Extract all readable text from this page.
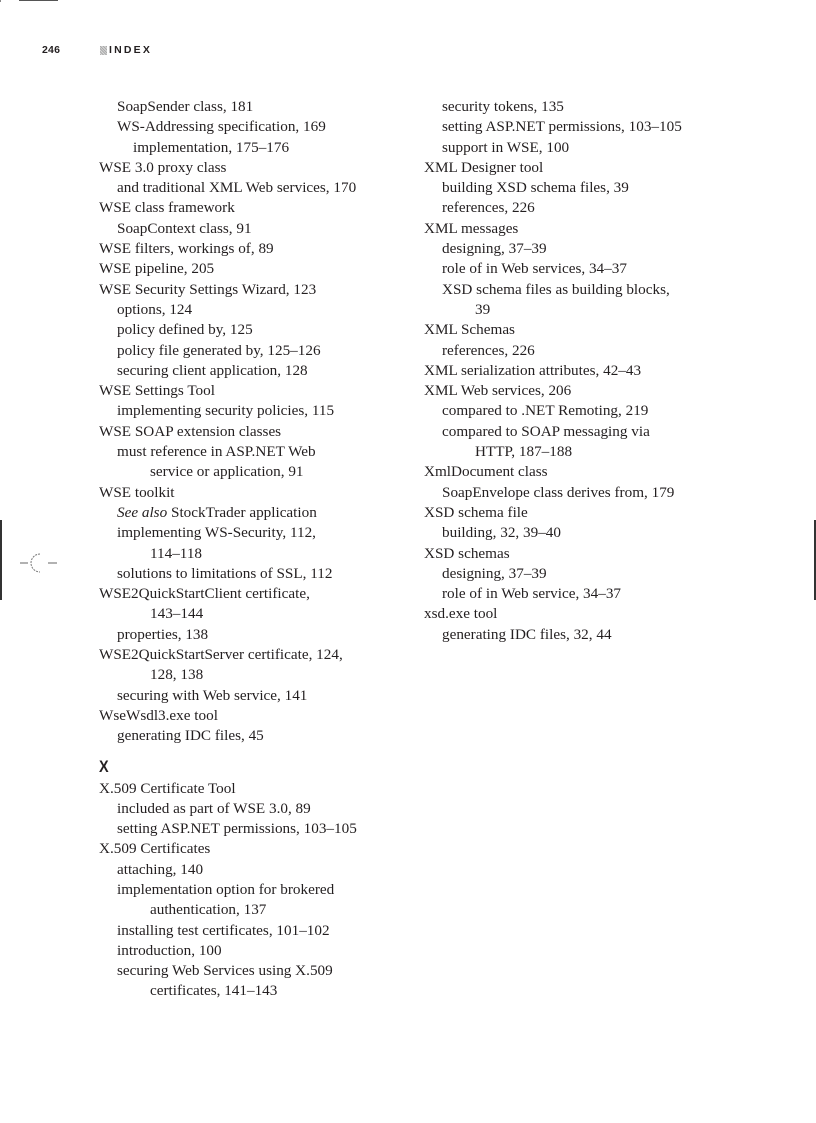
246	INDEX
SoapSender class, 181
WS-Addressing specification, 169
implementation, 175–176
WSE 3.0 proxy class
and traditional XML Web services, 170
WSE class framework
SoapContext class, 91
WSE filters, workings of, 89
WSE pipeline, 205
WSE Security Settings Wizard, 123
options, 124
policy defined by, 125
policy file generated by, 125–126
securing client application, 128
WSE Settings Tool
implementing security policies, 115
WSE SOAP extension classes
must reference in ASP.NET Web
service or application, 91
WSE toolkit
See also StockTrader application
implementing WS-Security, 112,
114–118
solutions to limitations of SSL, 112
WSE2QuickStartClient certificate,
143–144
properties, 138
WSE2QuickStartServer certificate, 124,
128, 138
securing with Web service, 141
WseWsdl3.exe tool
generating IDC files, 45
X
X.509 Certificate Tool
included as part of WSE 3.0, 89
setting ASP.NET permissions, 103–105
X.509 Certificates
attaching, 140
implementation option for brokered
authentication, 137
installing test certificates, 101–102
introduction, 100
securing Web Services using X.509
certificates, 141–143
security tokens, 135
setting ASP.NET permissions, 103–105
support in WSE, 100
XML Designer tool
building XSD schema files, 39
references, 226
XML messages
designing, 37–39
role of in Web services, 34–37
XSD schema files as building blocks,
39
XML Schemas
references, 226
XML serialization attributes, 42–43
XML Web services, 206
compared to .NET Remoting, 219
compared to SOAP messaging via
HTTP, 187–188
XmlDocument class
SoapEnvelope class derives from, 179
XSD schema file
building, 32, 39–40
XSD schemas
designing, 37–39
role of in Web service, 34–37
xsd.exe tool
generating IDC files, 32, 44
